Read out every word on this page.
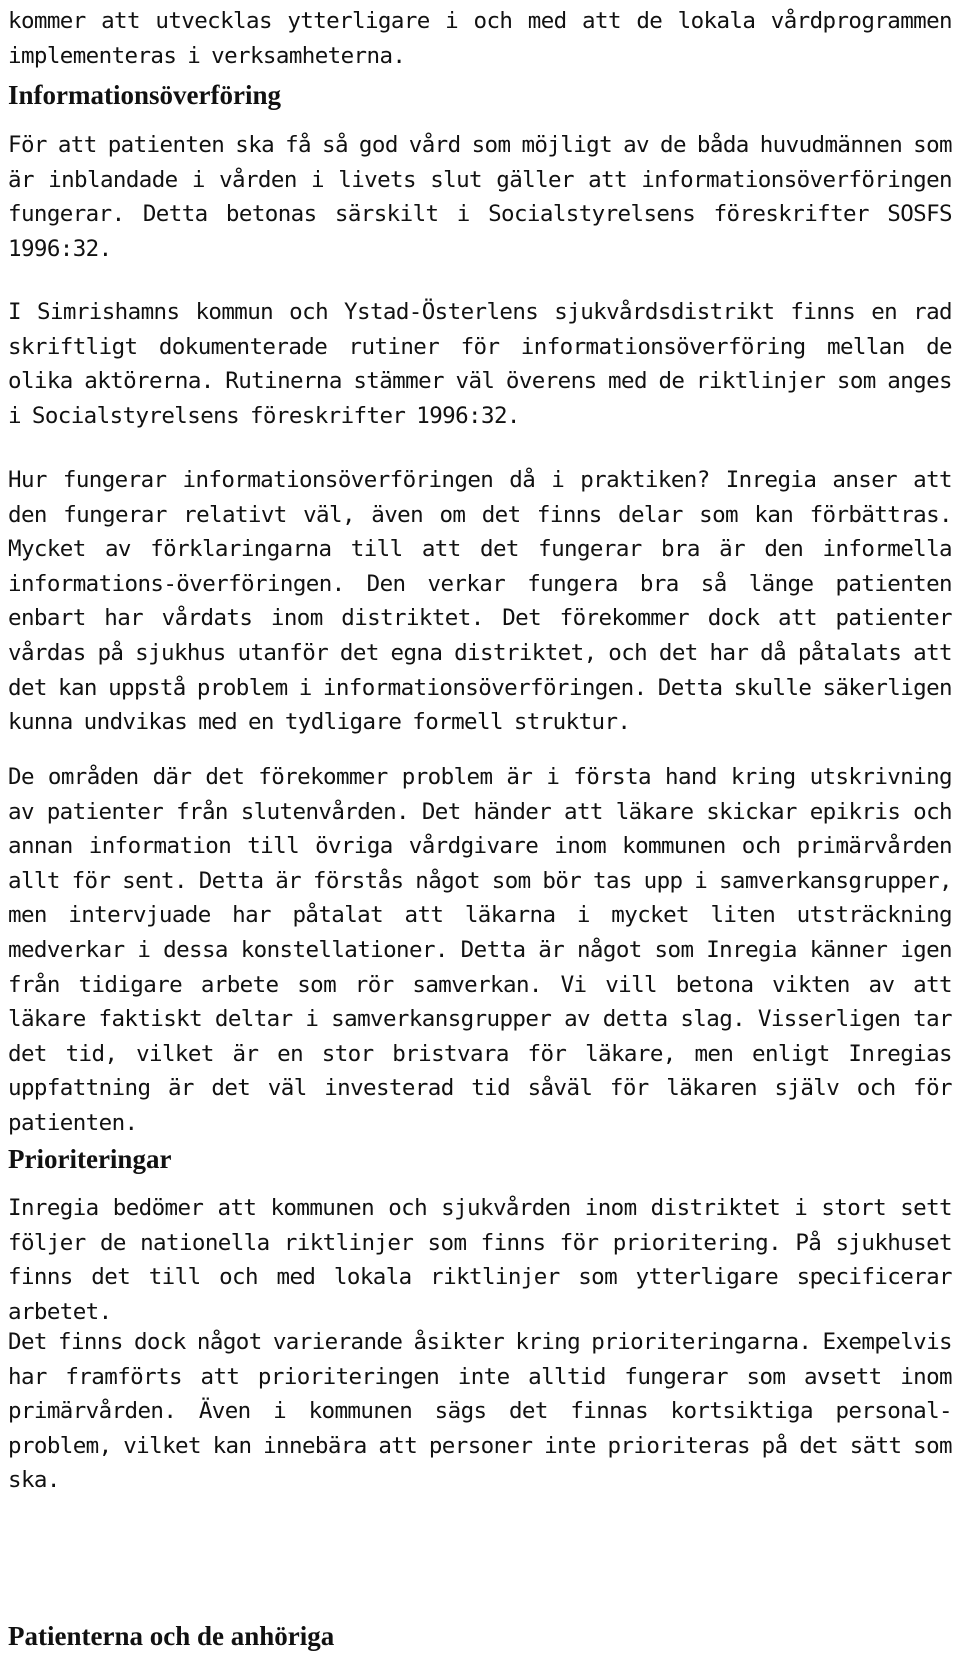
kommer att utvecklas ytterligare i och med att de lokala vårdprogrammen implementeras i verksamheterna.

Informationsöverföring

För att patienten ska få så god vård som möjligt av de båda huvudmännen som är inblandade i vården i livets slut gäller att informationsöverföringen fungerar. Detta betonas särskilt i Socialstyrelsens föreskrifter SOSFS 1996:32.

I Simrishamns kommun och Ystad-Österlens sjukvårdsdistrikt finns en rad skriftligt dokumenterade rutiner för informationsöverföring mellan de olika aktörerna. Rutinerna stämmer väl överens med de riktlinjer som anges i Socialstyrelsens föreskrifter 1996:32.

Hur fungerar informationsöverföringen då i praktiken? Inregia anser att den fungerar relativt väl, även om det finns delar som kan förbättras. Mycket av förklaringarna till att det fungerar bra är den informella informations-överföringen. Den verkar fungera bra så länge patienten enbart har vårdats inom distriktet. Det förekommer dock att patienter vårdas på sjukhus utanför det egna distriktet, och det har då påtalats att det kan uppstå problem i informationsöverföringen. Detta skulle säkerligen kunna undvikas med en tydligare formell struktur.

De områden där det förekommer problem är i första hand kring utskrivning av patienter från slutenvården. Det händer att läkare skickar epikris och annan information till övriga vårdgivare inom kommunen och primärvården allt för sent. Detta är förstås något som bör tas upp i samverkansgrupper, men intervjuade har påtalat att läkarna i mycket liten utsträckning medverkar i dessa konstellationer. Detta är något som Inregia känner igen från tidigare arbete som rör samverkan. Vi vill betona vikten av att läkare faktiskt deltar i samverkansgrupper av detta slag. Visserligen tar det tid, vilket är en stor bristvara för läkare, men enligt Inregias uppfattning är det väl investerad tid såväl för läkaren själv och för patienten.

Prioriteringar

Inregia bedömer att kommunen och sjukvården inom distriktet i stort sett följer de nationella riktlinjer som finns för prioritering. På sjukhuset finns det till och med lokala riktlinjer som ytterligare specificerar arbetet.

Det finns dock något varierande åsikter kring prioriteringarna. Exempelvis har framförts att prioriteringen inte alltid fungerar som avsett inom primärvården. Även i kommunen sägs det finnas kortsiktiga personal-problem, vilket kan innebära att personer inte prioriteras på det sätt som ska.

Patienterna och de anhöriga
